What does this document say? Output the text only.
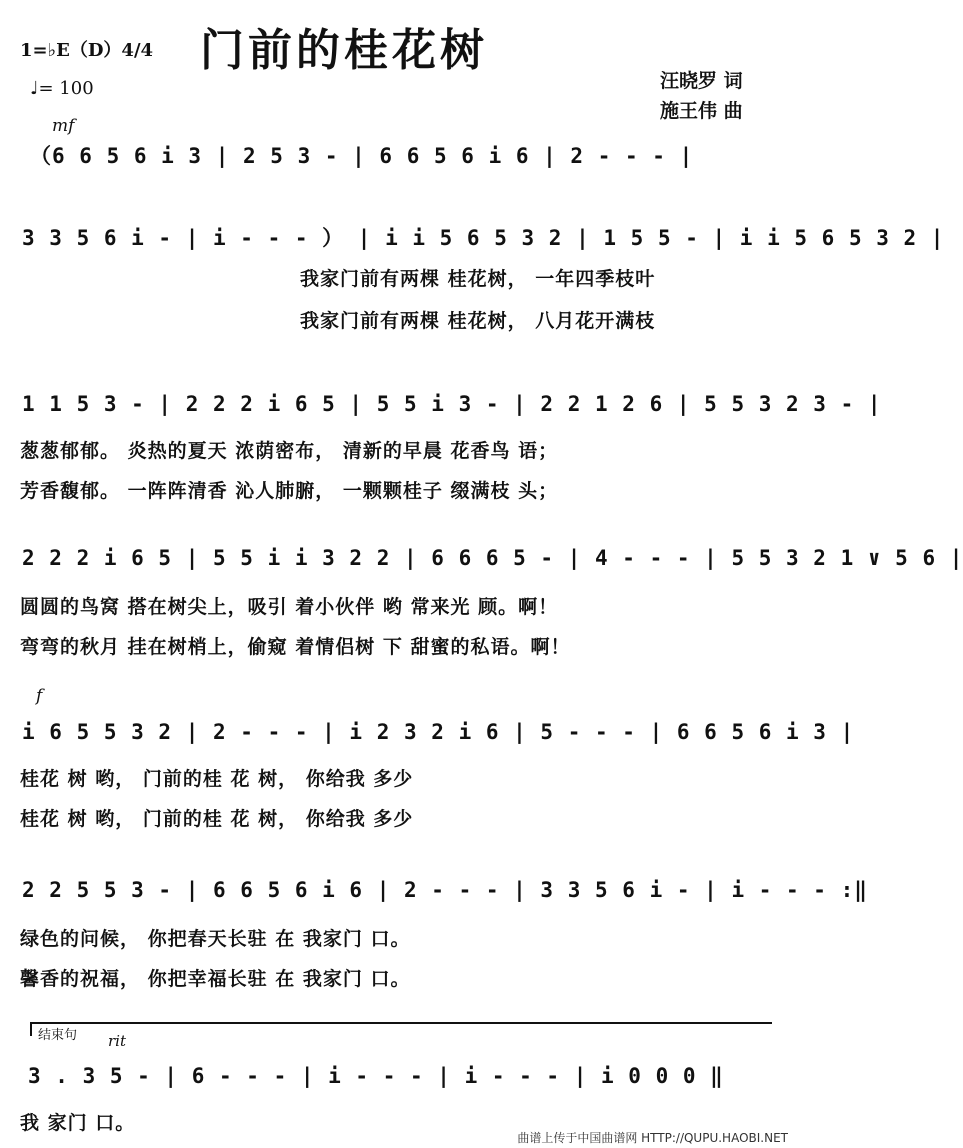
门前的桂花树
1=♭E（D）4/4
♩= 100	汪晓罗 词
施王伟 曲
mf
f
rit
（6 6 5 6 i 3 | 2 5 3 - | 6 6 5 6 i 6 | 2 - - - |
3 3 5 6 i - | i - - - ） | i i 5 6 5 3 2 | 1 5 5 - | i i 5 6 5 3 2 |
我家门前有两棵 桂花树， 一年四季枝叶
我家门前有两棵 桂花树， 八月花开满枝
1 1 5 3 - | 2 2 2 i 6 5 | 5 5 i 3 - | 2 2 1 2 6 | 5 5 3 2 3 - |
葱葱郁郁。 炎热的夏天 浓荫密布， 清新的早晨 花香鸟 语；
芳香馥郁。 一阵阵清香 沁人肺腑， 一颗颗桂子 缀满枝 头；
2 2 2 i 6 5 | 5 5 i i 3 2 2 | 6 6 6 5 - | 4 - - - | 5 5 3 2 1 ∨ 5 6 |
圆圆的鸟窝 搭在树尖上，吸引 着小伙伴 哟 常来光 顾。啊！
弯弯的秋月 挂在树梢上，偷窥 着情侣树 下 甜蜜的私语。啊！
i 6 5 5 3 2 | 2 - - - | i 2 3 2 i 6 | 5 - - - | 6 6 5 6 i 3 |
桂花 树 哟， 门前的桂 花 树， 你给我 多少
桂花 树 哟， 门前的桂 花 树， 你给我 多少
2 2 5 5 3 - | 6 6 5 6 i 6 | 2 - - - | 3 3 5 6 i - | i - - - :‖
绿色的问候， 你把春天长驻 在 我家门 口。
馨香的祝福， 你把幸福长驻 在 我家门 口。
结束句
3 . 3 5 - | 6 - - - | i - - - | i - - - | i 0 0 0 ‖
我 家门 口。
曲谱上传于中国曲谱网 HTTP://QUPU.HAOBI.NET
